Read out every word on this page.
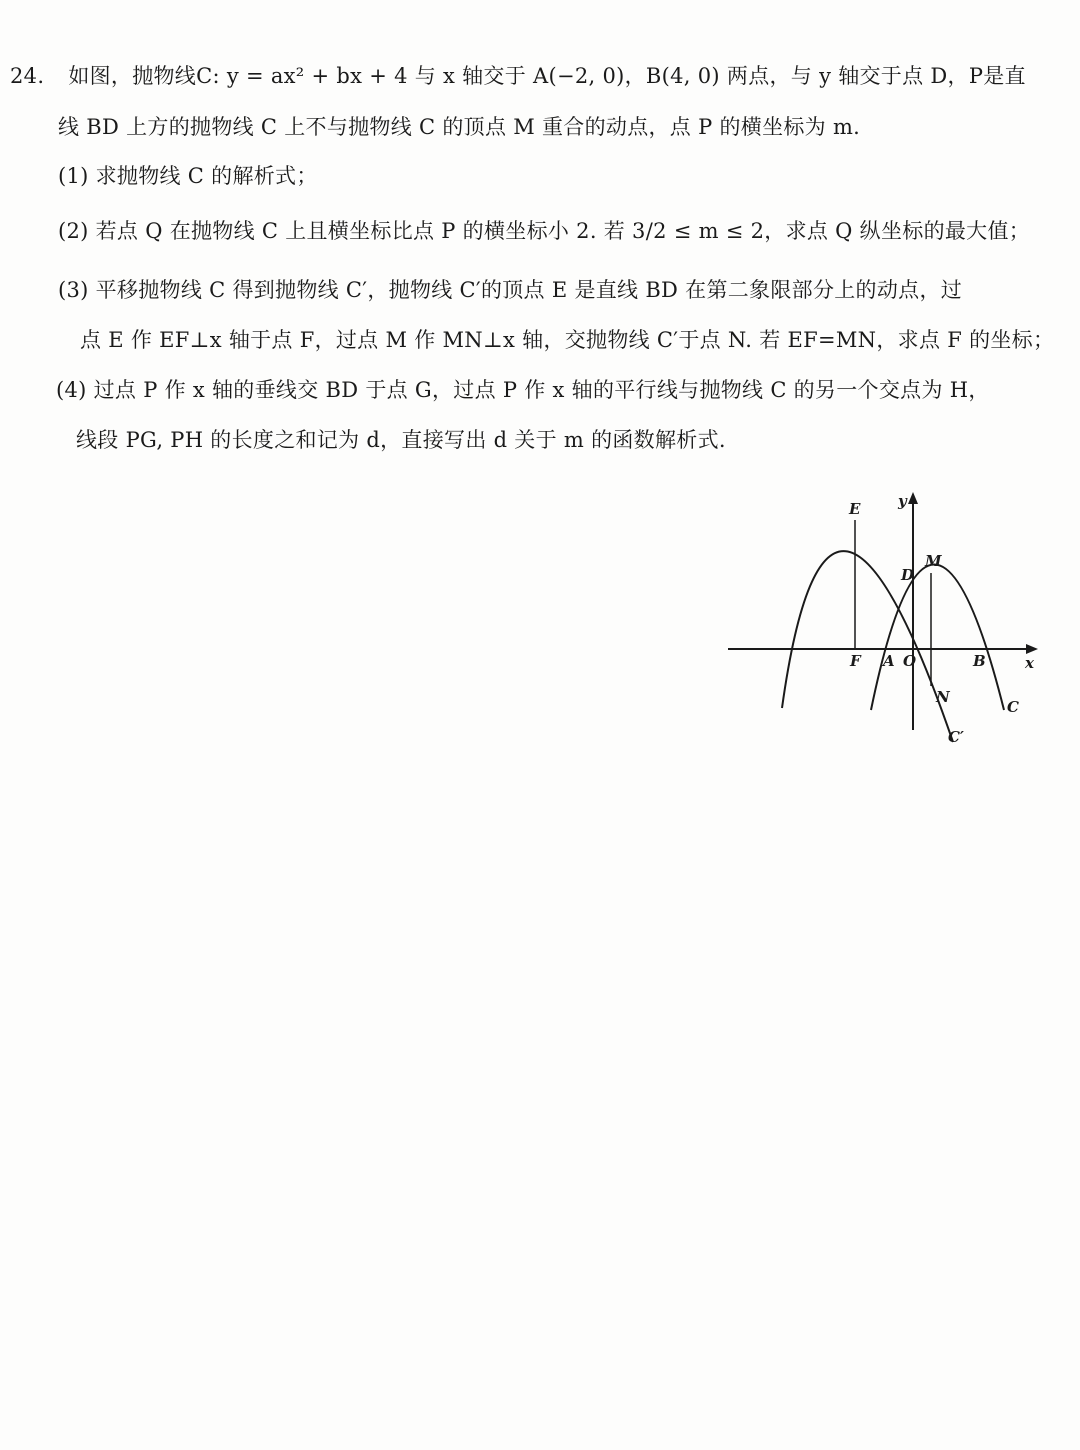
24. 如图，抛物线C: y = ax² + bx + 4 与 x 轴交于 A(−2, 0)，B(4, 0) 两点，与 y 轴交于点 D，P是直
线 BD 上方的抛物线 C 上不与抛物线 C 的顶点 M 重合的动点，点 P 的横坐标为 m.
(1) 求抛物线 C 的解析式；
(2) 若点 Q 在抛物线 C 上且横坐标比点 P 的横坐标小 2. 若 3/2 ≤ m ≤ 2，求点 Q 纵坐标的最大值；
(3) 平移抛物线 C 得到抛物线 C′，抛物线 C′的顶点 E 是直线 BD 在第二象限部分上的动点，过
点 E 作 EF⊥x 轴于点 F，过点 M 作 MN⊥x 轴，交抛物线 C′于点 N. 若 EF=MN，求点 F 的坐标；
(4) 过点 P 作 x 轴的垂线交 BD 于点 G，过点 P 作 x 轴的平行线与抛物线 C 的另一个交点为 H，
线段 PG, PH 的长度之和记为 d，直接写出 d 关于 m 的函数解析式.
E	y
M
D
F A O	B	x
N
C
C′
